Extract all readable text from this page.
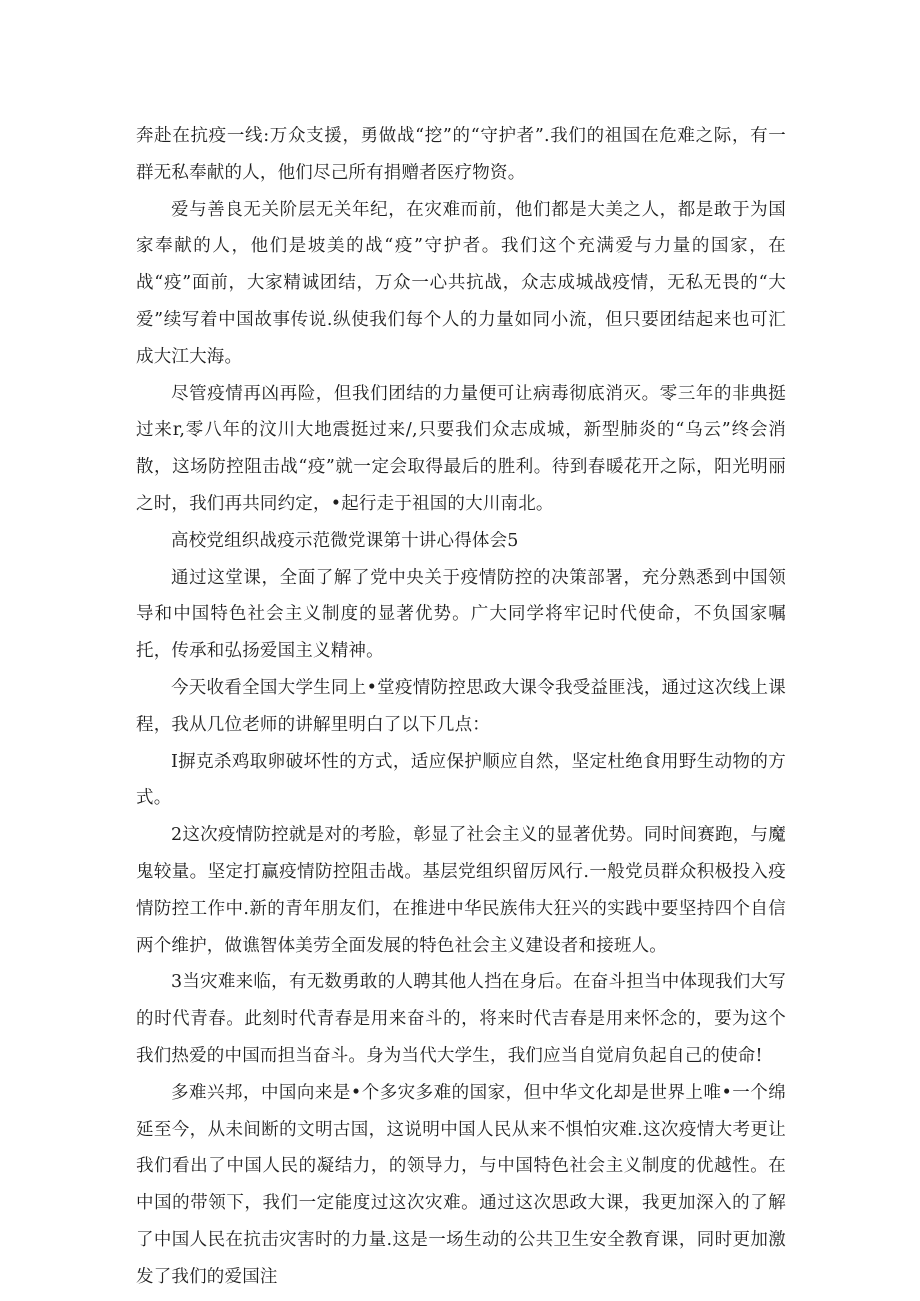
奔赴在抗疫一线:万众支援，勇做战“挖”的“守护者”.我们的祖国在危难之际，有一群无私奉献的人，他们尽己所有捐赠者医疗物资。

爱与善良无关阶层无关年纪，在灾难而前，他们都是大美之人，都是敢于为国家奉献的人，他们是坡美的战“疫”守护者。我们这个充满爱与力量的国家，在战“疫”面前，大家精诚团结，万众一心共抗战，众志成城战疫情，无私无畏的“大爱”续写着中国故事传说.纵使我们每个人的力量如同小流，但只要团结起来也可汇成大江大海。

尽管疫情再凶再险，但我们团结的力量便可让病毒彻底消灭。零三年的非典挺过来r,零八年的汶川大地震挺过来/,只要我们众志成城，新型肺炎的“乌云”终会消散，这场防控阻击战“疫”就一定会取得最后的胜利。待到春暖花开之际，阳光明丽之时，我们再共同约定，•起行走于祖国的大川南北。

高校党组织战疫示范微党课第十讲心得体会5

通过这堂课，全面了解了党中央关于疫情防控的决策部署，充分熟悉到中国领导和中国特色社会主义制度的显著优势。广大同学将牢记时代使命，不负国家嘱托，传承和弘扬爱国主义精神。

今天收看全国大学生同上•堂疫情防控思政大课令我受益匪浅，通过这次线上课程，我从几位老师的讲解里明白了以下几点：

I摒克杀鸡取卵破坏性的方式，适应保护顺应自然，坚定杜绝食用野生动物的方式。

2这次疫情防控就是对的考脸，彰显了社会主义的显著优势。同时间赛跑，与魔鬼较量。坚定打赢疫情防控阻击战。基层党组织留厉风行.一般党员群众积极投入疫情防控工作中.新的青年朋友们，在推进中华民族伟大狂兴的实践中要坚持四个自信两个维护，做谯智体美劳全面发展的特色社会主义建设者和接班人。

3当灾难来临，有无数勇敢的人聘其他人挡在身后。在奋斗担当中体现我们大写的时代青春。此刻时代青春是用来奋斗的，将来时代吉春是用来怀念的，要为这个我们热爱的中国而担当奋斗。身为当代大学生，我们应当自觉肩负起自己的使命!

多难兴邦，中国向来是•个多灾多难的国家，但中华文化却是世界上唯•一个绵延至今，从未间断的文明古国，这说明中国人民从来不惧怕灾难.这次疫情大考更让我们看出了中国人民的凝结力，的领导力，与中国特色社会主义制度的优越性。在中国的带领下，我们一定能度过这次灾难。通过这次思政大课，我更加深入的了解了中国人民在抗击灾害时的力量.这是一场生动的公共卫生安全教育课，同时更加激发了我们的爱国注
